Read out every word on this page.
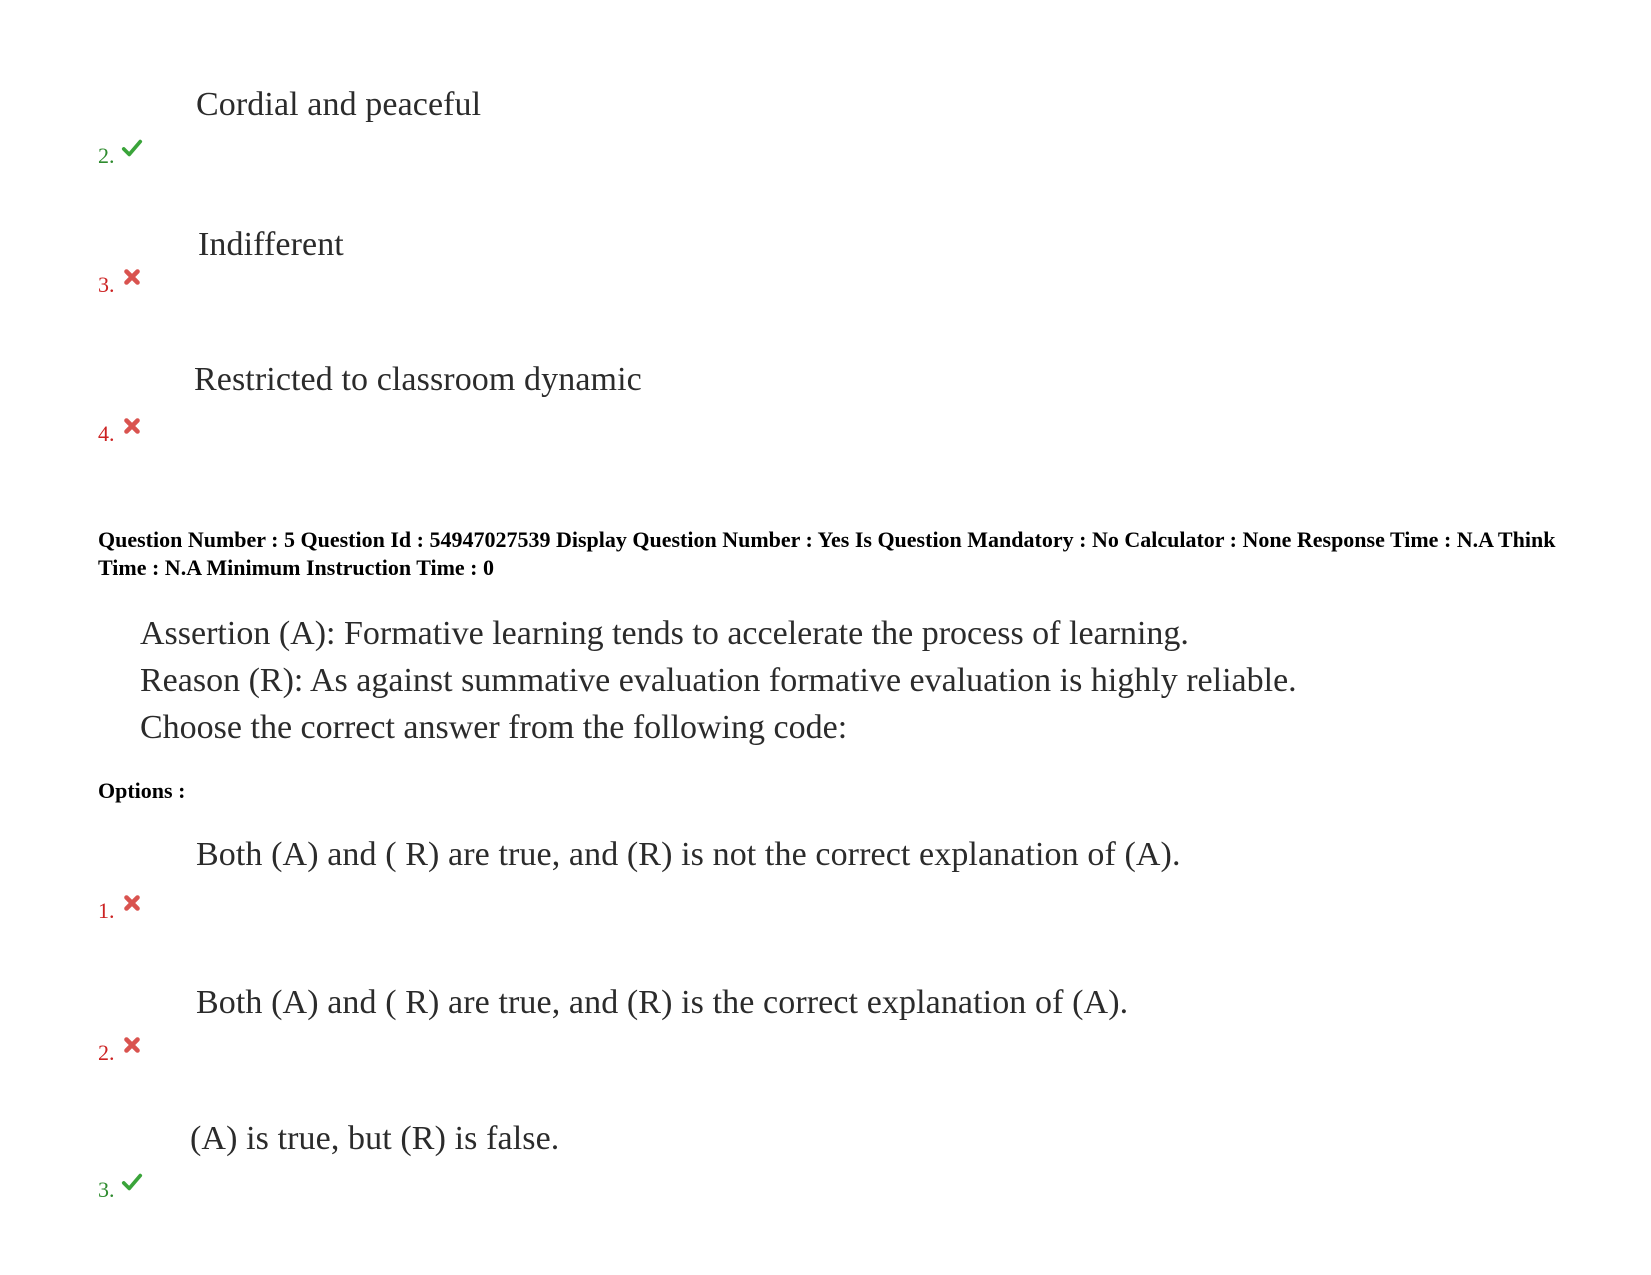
Cordial and peaceful
2.
Indifferent
3.
Restricted to classroom dynamic
4.
Question Number : 5 Question Id : 54947027539 Display Question Number : Yes Is Question Mandatory : No Calculator : None Response Time : N.A Think Time : N.A Minimum Instruction Time : 0
Assertion (A): Formative learning tends to accelerate the process of learning.
Reason (R): As against summative evaluation formative evaluation is highly reliable.
Choose the correct answer from the following code:
Options :
Both (A) and ( R) are true, and (R) is not the correct explanation of (A).
1.
Both (A) and ( R) are true, and (R) is the correct explanation of (A).
2.
(A) is true, but (R) is false.
3.
